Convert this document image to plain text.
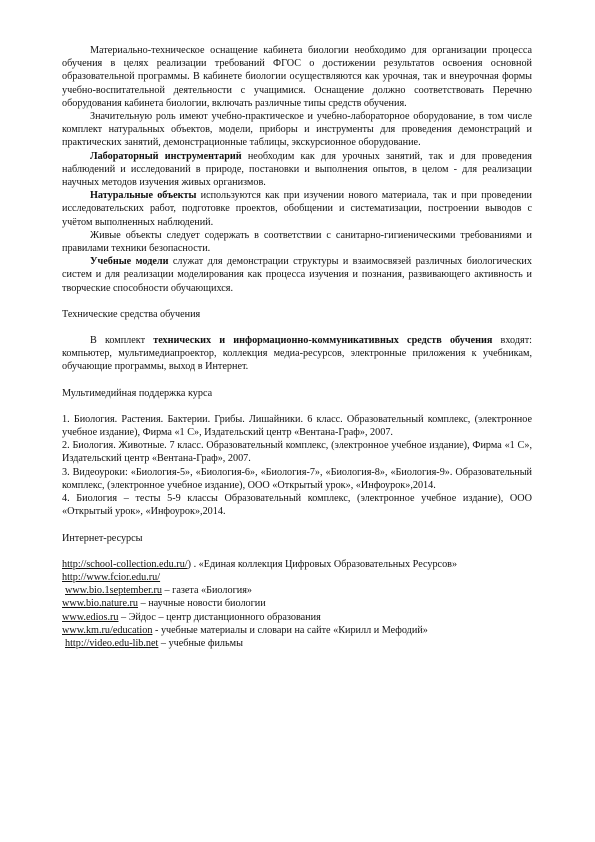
Материально-техническое оснащение кабинета биологии необходимо для организации процесса обучения в целях реализации требований ФГОС о достижении результатов освоения основной образовательной программы. В кабинете биологии осуществляются как урочная, так и внеурочная формы учебно-воспитательной деятельности с учащимися. Оснащение должно соответствовать Перечню оборудования кабинета биологии, включать различные типы средств обучения.

Значительную роль имеют учебно-практическое и учебно-лабораторное оборудование, в том числе комплект натуральных объектов, модели, приборы и инструменты для проведения демонстраций и практических занятий, демонстрационные таблицы, экскурсионное оборудование.

Лабораторный инструментарий необходим как для урочных занятий, так и для проведения наблюдений и исследований в природе, постановки и выполнения опытов, в целом - для реализации научных методов изучения живых организмов.

Натуральные объекты используются как при изучении нового материала, так и при проведении исследовательских работ, подготовке проектов, обобщении и систематизации, построении выводов с учётом выполненных наблюдений.

Живые объекты следует содержать в соответствии с санитарно-гигиеническими требованиями и правилами техники безопасности.

Учебные модели служат для демонстрации структуры и взаимосвязей различных биологических систем и для реализации моделирования как процесса изучения и познания, развивающего активность и творческие способности обучающихся.

Технические средства обучения

В комплект технических и информационно-коммуникативных средств обучения входят: компьютер, мультимедиапроектор, коллекция медиа-ресурсов, электронные приложения к учебникам, обучающие программы, выход в Интернет.

Мультимедийная поддержка курса

1. Биология. Растения. Бактерии. Грибы. Лишайники. 6 класс. Образовательный комплекс, (электронное учебное издание), Фирма «1 С», Издательский центр «Вентана-Граф», 2007.

2. Биология. Животные. 7 класс. Образовательный комплекс, (электронное учебное издание), Фирма «1 С», Издательский центр «Вентана-Граф», 2007.

3. Видеоуроки: «Биология-5», «Биология-6», «Биология-7», «Биология-8», «Биология-9». Образовательный комплекс, (электронное учебное издание), ООО «Открытый урок», «Инфоурок»,2014.

4. Биология – тесты 5-9 классы Образовательный комплекс, (электронное учебное издание), ООО «Открытый урок», «Инфоурок»,2014.

Интернет-ресурсы

http://school-collection.edu.ru/) . «Единая коллекция Цифровых Образовательных Ресурсов»

http://www.fcior.edu.ru/

www.bio.1september.ru – газета «Биология»

www.bio.nature.ru – научные новости биологии

www.edios.ru – Эйдос – центр дистанционного образования

www.km.ru/education - учебные материалы и словари на сайте «Кирилл и Мефодий»

http://video.edu-lib.net – учебные фильмы
